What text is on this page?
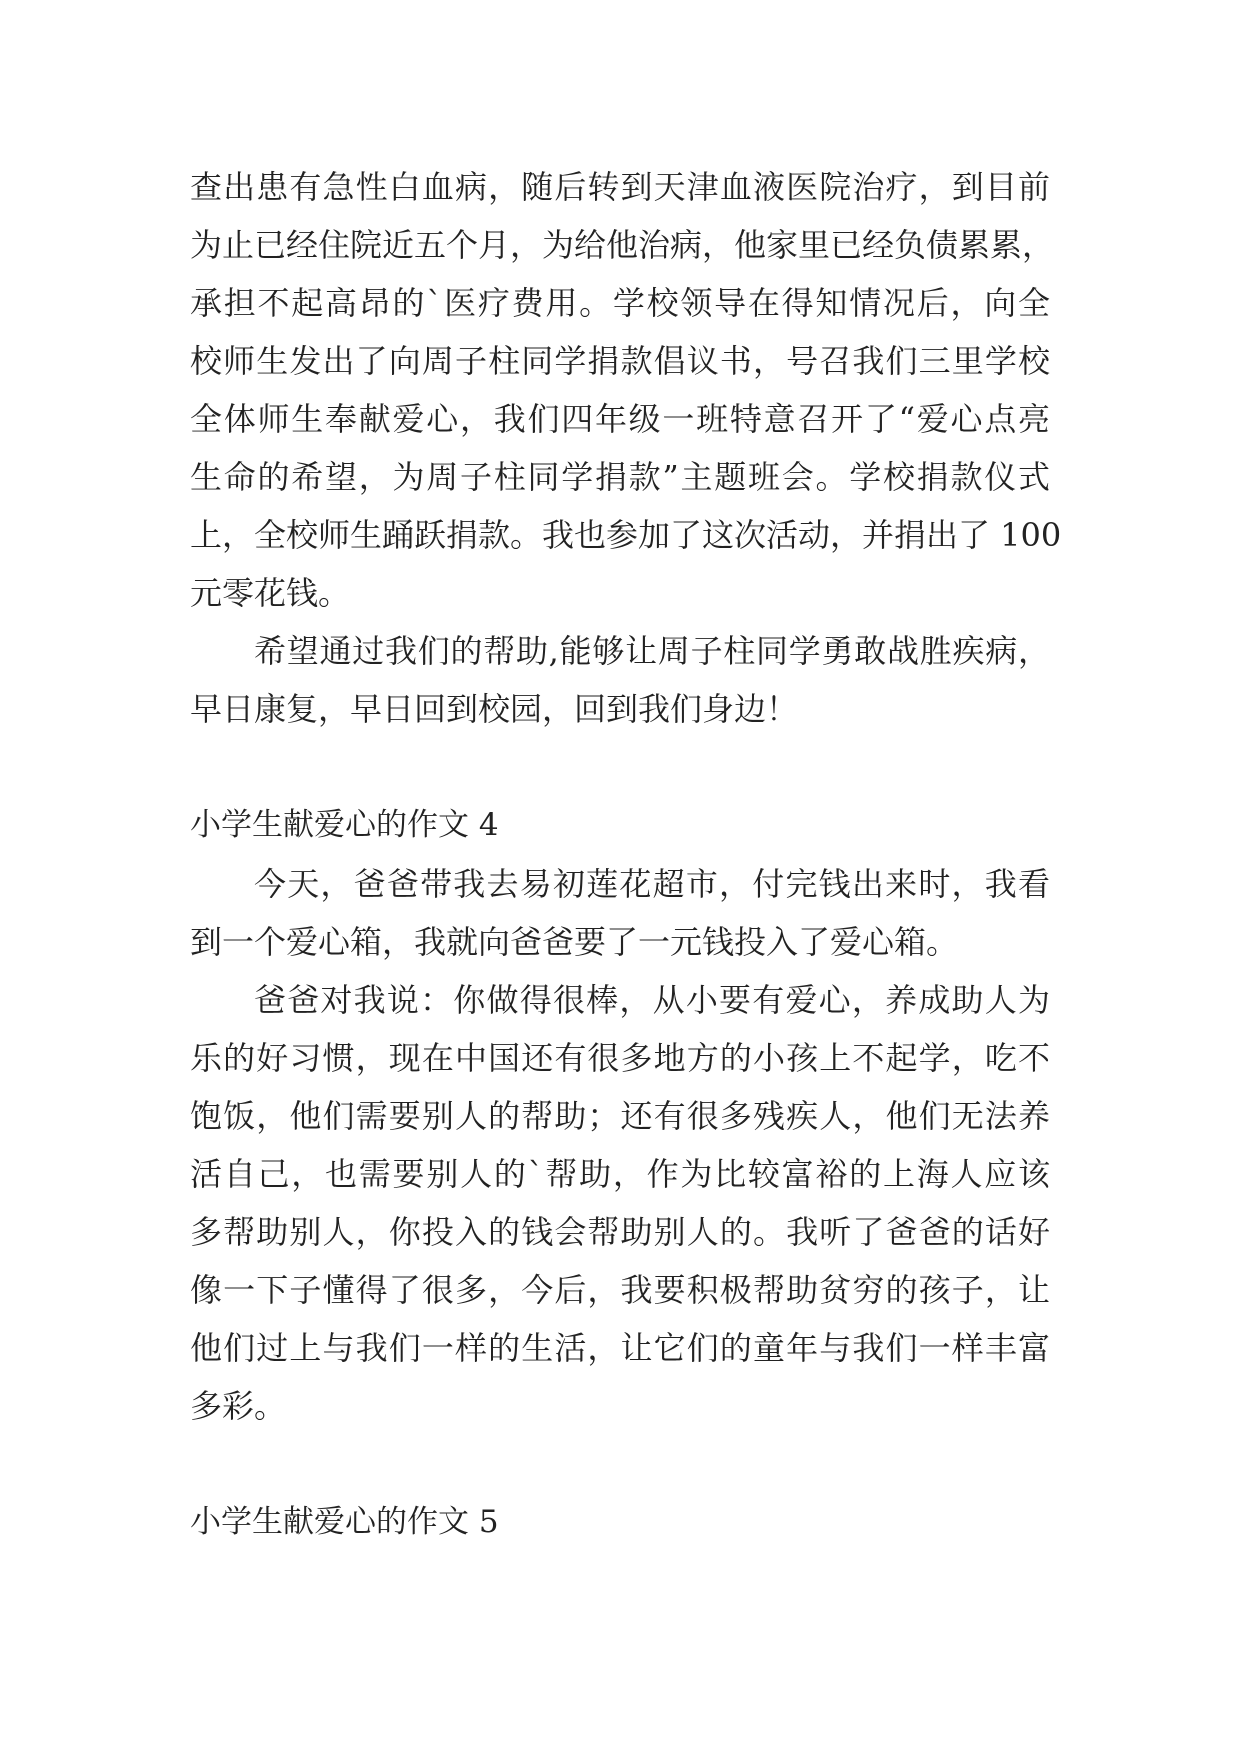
查出患有急性白血病，随后转到天津血液医院治疗，到目前
为止已经住院近五个月，为给他治病，他家里已经负债累累，
承担不起高昂的`医疗费用。学校领导在得知情况后，向全
校师生发出了向周子柱同学捐款倡议书，号召我们三里学校
全体师生奉献爱心，我们四年级一班特意召开了“爱心点亮
生命的希望，为周子柱同学捐款”主题班会。学校捐款仪式
上，全校师生踊跃捐款。我也参加了这次活动，并捐出了 100
元零花钱。
希望通过我们的帮助,能够让周子柱同学勇敢战胜疾病，
早日康复，早日回到校园，回到我们身边！
小学生献爱心的作文 4
今天，爸爸带我去易初莲花超市，付完钱出来时，我看
到一个爱心箱，我就向爸爸要了一元钱投入了爱心箱。
爸爸对我说：你做得很棒，从小要有爱心，养成助人为
乐的好习惯，现在中国还有很多地方的小孩上不起学，吃不
饱饭，他们需要别人的帮助；还有很多残疾人，他们无法养
活自己，也需要别人的`帮助，作为比较富裕的上海人应该
多帮助别人，你投入的钱会帮助别人的。我听了爸爸的话好
像一下子懂得了很多，今后，我要积极帮助贫穷的孩子，让
他们过上与我们一样的生活，让它们的童年与我们一样丰富
多彩。
小学生献爱心的作文 5
